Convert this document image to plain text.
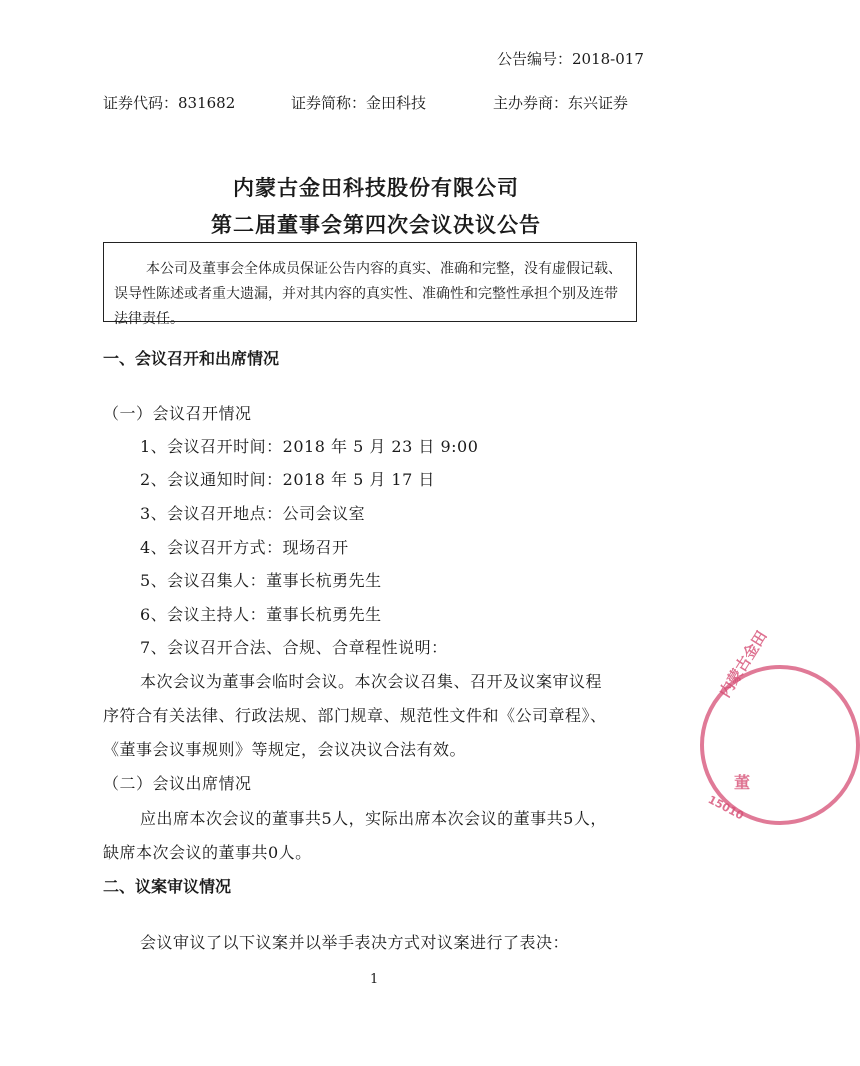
公告编号：2018-017
证券代码：831682	证券简称：金田科技	主办券商：东兴证券
内蒙古金田科技股份有限公司
第二届董事会第四次会议决议公告
本公司及董事会全体成员保证公告内容的真实、准确和完整，没有虚假记载、误导性陈述或者重大遗漏，并对其内容的真实性、准确性和完整性承担个别及连带法律责任。
一、会议召开和出席情况
（一）会议召开情况
1、会议召开时间：2018 年 5 月 23 日 9:00
2、会议通知时间：2018 年 5 月 17 日
3、会议召开地点：公司会议室
4、会议召开方式：现场召开
5、会议召集人：董事长杭勇先生
6、会议主持人：董事长杭勇先生
7、会议召开合法、合规、合章程性说明：
本次会议为董事会临时会议。本次会议召集、召开及议案审议程
序符合有关法律、行政法规、部门规章、规范性文件和《公司章程》、
《董事会议事规则》等规定，会议决议合法有效。
（二）会议出席情况
应出席本次会议的董事共5人，实际出席本次会议的董事共5人，
缺席本次会议的董事共0人。
二、议案审议情况
会议审议了以下议案并以举手表决方式对议案进行了表决：
1
内蒙古金田
董
15010
